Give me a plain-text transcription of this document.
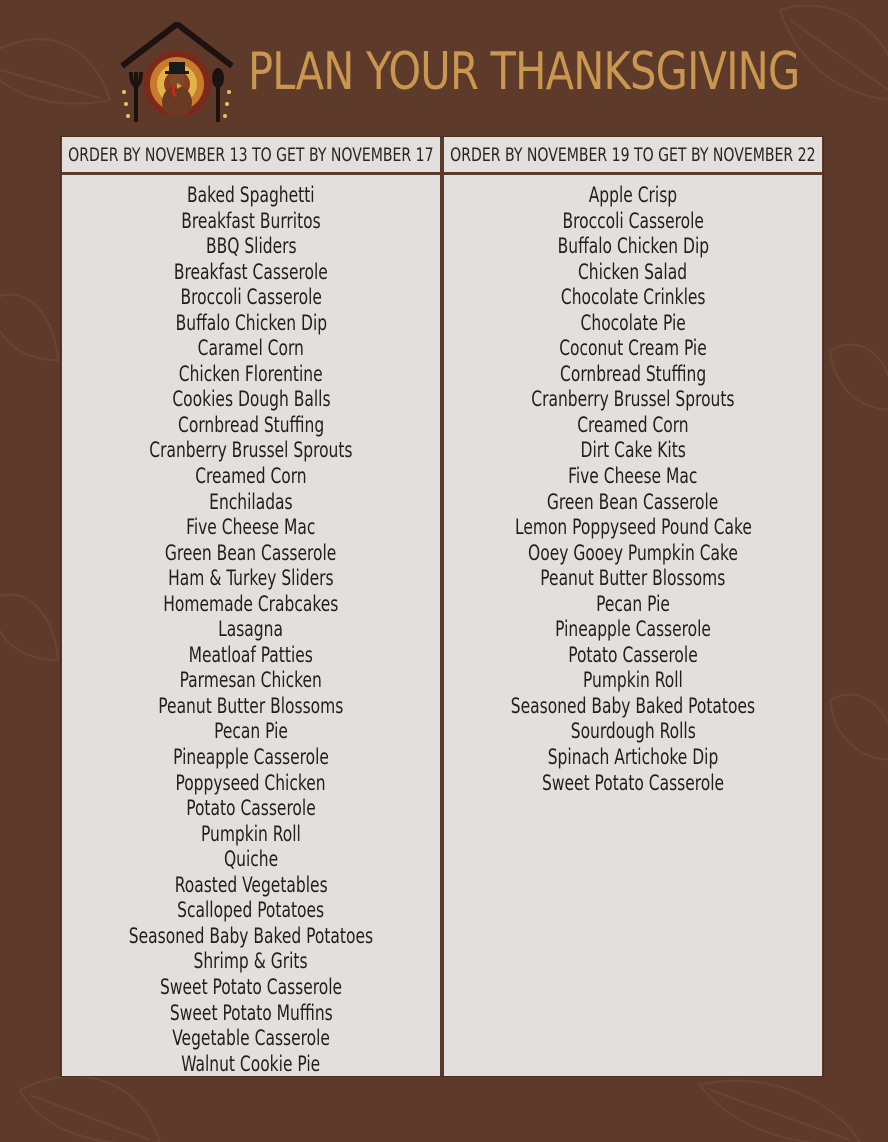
PLAN YOUR THANKSGIVING
ORDER BY NOVEMBER 13 TO GET BY NOVEMBER 17
Baked Spaghetti
Breakfast Burritos
BBQ Sliders
Breakfast Casserole
Broccoli Casserole
Buffalo Chicken Dip
Caramel Corn
Chicken Florentine
Cookies Dough Balls
Cornbread Stuffing
Cranberry Brussel Sprouts
Creamed Corn
Enchiladas
Five Cheese Mac
Green Bean Casserole
Ham & Turkey Sliders
Homemade Crabcakes
Lasagna
Meatloaf Patties
Parmesan Chicken
Peanut Butter Blossoms
Pecan Pie
Pineapple Casserole
Poppyseed Chicken
Potato Casserole
Pumpkin Roll
Quiche
Roasted Vegetables
Scalloped Potatoes
Seasoned Baby Baked Potatoes
Shrimp & Grits
Sweet Potato Casserole
Sweet Potato Muffins
Vegetable Casserole
Walnut Cookie Pie
ORDER BY NOVEMBER 19 TO GET BY NOVEMBER 22
Apple Crisp
Broccoli Casserole
Buffalo Chicken Dip
Chicken Salad
Chocolate Crinkles
Chocolate Pie
Coconut Cream Pie
Cornbread Stuffing
Cranberry Brussel Sprouts
Creamed Corn
Dirt Cake Kits
Five Cheese Mac
Green Bean Casserole
Lemon Poppyseed Pound Cake
Ooey Gooey Pumpkin Cake
Peanut Butter Blossoms
Pecan Pie
Pineapple Casserole
Potato Casserole
Pumpkin Roll
Seasoned Baby Baked Potatoes
Sourdough Rolls
Spinach Artichoke Dip
Sweet Potato Casserole
